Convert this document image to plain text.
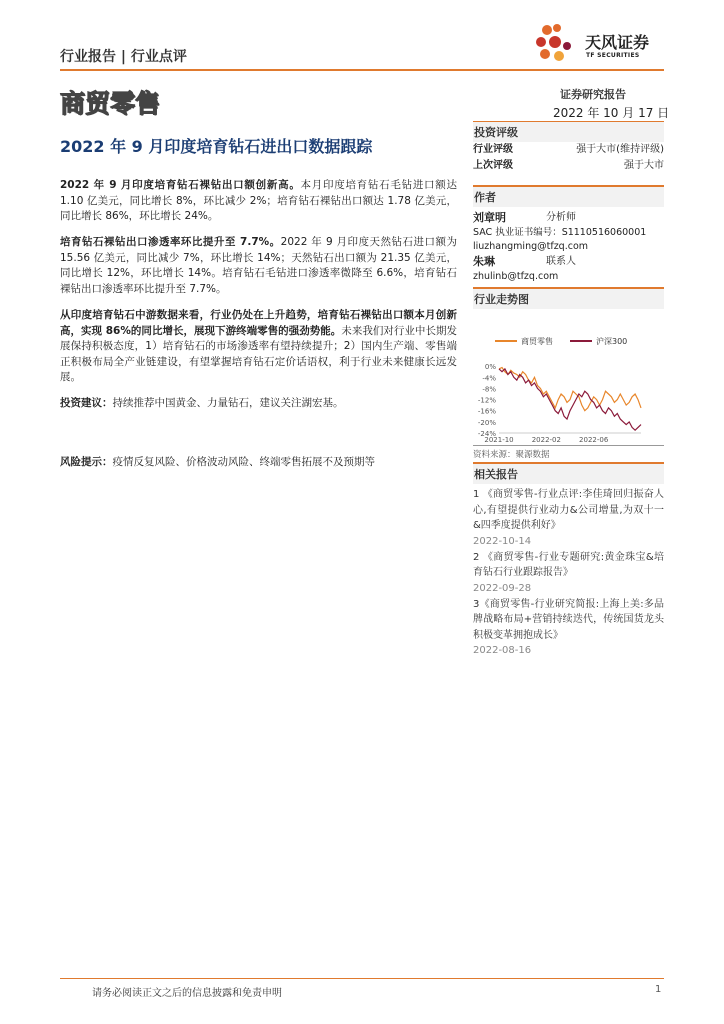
行业报告 | 行业点评
天风证券
TF SECURITIES
商贸零售	证券研究报告
2022 年 10 月 17 日
2022 年 9 月印度培育钻石进出口数据跟踪
投资评级
行业评级	强于大市(维持评级)
上次评级	强于大市
作者
刘章明	分析师
SAC 执业证书编号：S1110516060001
liuzhangming@tfzq.com
朱琳	联系人
zhulinb@tfzq.com
行业走势图
商贸零售	沪深300
0%
-4%
-8%
-12%
-16%
-20%
-24%
2021-10	2022-02	2022-06
资料来源：聚源数据
相关报告
1 《商贸零售-行业点评:李佳琦回归振奋人心,有望提供行业动力&公司增量,为双十一&四季度提供利好》
2022-10-14
2 《商贸零售-行业专题研究:黄金珠宝&培育钻石行业跟踪报告》
2022-09-28
3《商贸零售-行业研究简报:上海上美:多品牌战略布局+营销持续迭代，传统国货龙头积极变革拥抱成长》
2022-08-16
2022 年 9 月印度培育钻石裸钻出口额创新高。本月印度培育钻石毛钻进口额达 1.10 亿美元，同比增长 8%，环比减少 2%；培育钻石裸钻出口额达 1.78 亿美元，同比增长 86%，环比增长 24%。
培育钻石裸钻出口渗透率环比提升至 7.7%。2022 年 9 月印度天然钻石进口额为 15.56 亿美元，同比减少 7%，环比增长 14%；天然钻石出口额为 21.35 亿美元，同比增长 12%，环比增长 14%。培育钻石毛钻进口渗透率微降至 6.6%，培育钻石裸钻出口渗透率环比提升至 7.7%。
从印度培育钻石中游数据来看，行业仍处在上升趋势，培育钻石裸钻出口额本月创新高，实现 86%的同比增长，展现下游终端零售的强劲势能。未来我们对行业中长期发展保持积极态度，1）培育钻石的市场渗透率有望持续提升；2）国内生产端、零售端正积极布局全产业链建设，有望掌握培育钻石定价话语权，利于行业未来健康长远发展。
投资建议：持续推荐中国黄金、力量钻石，建议关注湖宏基。
风险提示：疫情反复风险、价格波动风险、终端零售拓展不及预期等
请务必阅读正文之后的信息披露和免责申明	1
